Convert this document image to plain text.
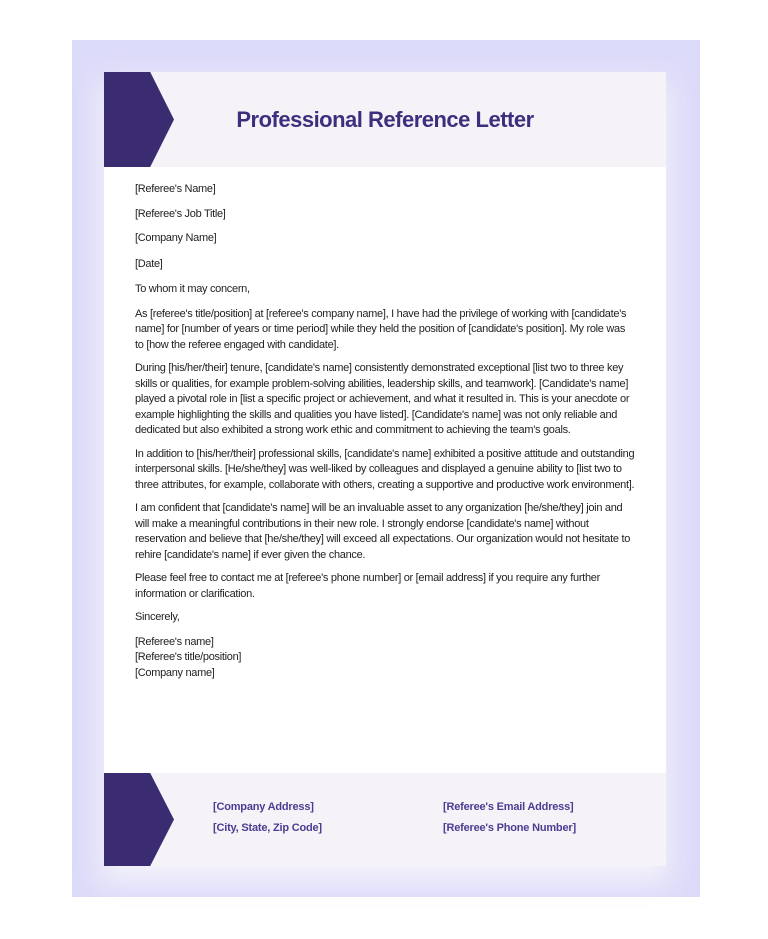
Professional Reference Letter

[Referee's Name]

[Referee's Job Title]

[Company Name]

[Date]

To whom it may concern,

As [referee's title/position] at [referee's company name], I have had the privilege of working with [candidate's name] for [number of years or time period] while they held the position of [candidate's position]. My role was to [how the referee engaged with candidate].

During [his/her/their] tenure, [candidate's name] consistently demonstrated exceptional [list two to three key skills or qualities, for example problem-solving abilities, leadership skills, and teamwork]. [Candidate's name] played a pivotal role in [list a specific project or achievement, and what it resulted in. This is your anecdote or example highlighting the skills and qualities you have listed]. [Candidate's name] was not only reliable and dedicated but also exhibited a strong work ethic and commitment to achieving the team's goals.

In addition to [his/her/their] professional skills, [candidate's name] exhibited a positive attitude and outstanding interpersonal skills. [He/she/they] was well-liked by colleagues and displayed a genuine ability to [list two to three attributes, for example, collaborate with others, creating a supportive and productive work environment].

I am confident that [candidate's name] will be an invaluable asset to any organization [he/she/they] join and will make a meaningful contributions in their new role. I strongly endorse [candidate's name] without reservation and believe that [he/she/they] will exceed all expectations. Our organization would not hesitate to rehire [candidate's name] if ever given the chance.

Please feel free to contact me at [referee's phone number] or [email address] if you require any further information or clarification.

Sincerely,

[Referee's name]

[Referee's title/position]

[Company name]

[Company Address]

[City, State, Zip Code]

[Referee's Email Address]

[Referee's Phone Number]
